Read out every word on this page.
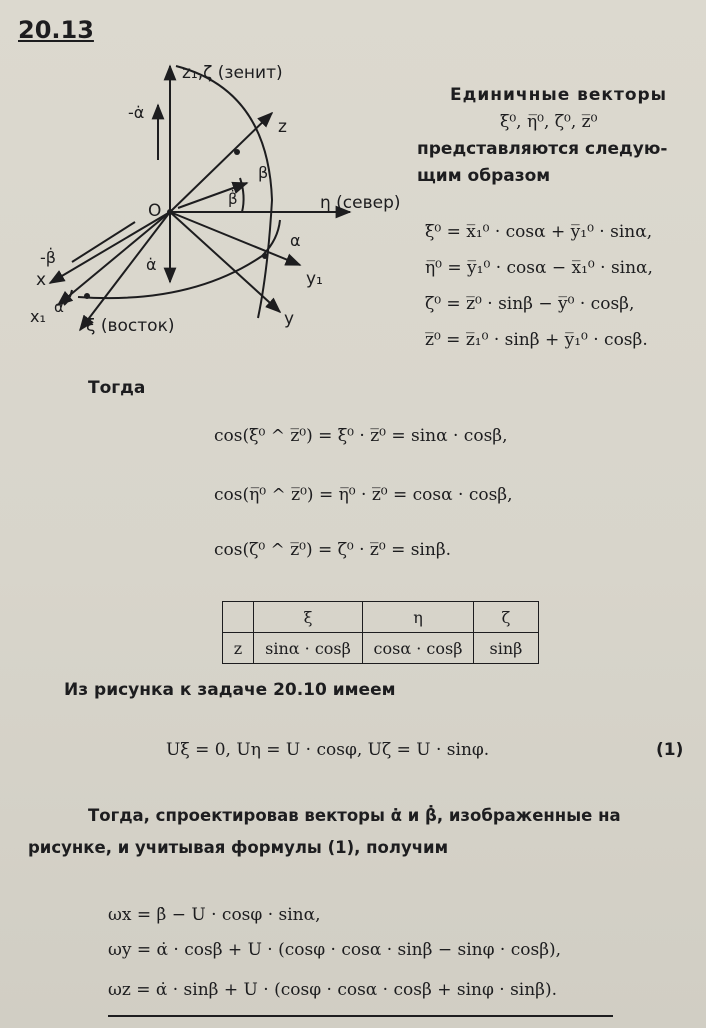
20.13
z₁,ζ (зенит)
-α̇
z
β
β̇	η (север)
O
α
-β̇	α̇
y₁
x
α
x₁	y
ξ (восток)
Единичные векторы
ξ̅⁰, η̅⁰, ζ̅⁰, z̅⁰
представляются следую-
щим образом
ξ̅⁰ = x̅₁⁰ · cosα + y̅₁⁰ · sinα,
η̅⁰ = y̅₁⁰ · cosα − x̅₁⁰ · sinα,
ζ̅⁰ = z̅⁰ · sinβ − y̅⁰ · cosβ,
z̅⁰ = z̅₁⁰ · sinβ + y̅₁⁰ · cosβ.
Тогда
cos(ξ̅⁰ ^ z̅⁰) = ξ̅⁰ · z̅⁰ = sinα · cosβ,
cos(η̅⁰ ^ z̅⁰) = η̅⁰ · z̅⁰ = cosα · cosβ,
cos(ζ̅⁰ ^ z̅⁰) = ζ̅⁰ · z̅⁰ = sinβ.
	ξ	η	ζ
z	sinα · cosβ	cosα · cosβ	sinβ
Из рисунка к задаче 20.10 имеем
Uξ = 0, Uη = U · cosφ, Uζ = U · sinφ.	(1)
Тогда, спроектировав векторы α̇ и β̇, изображенные на
рисунке, и учитывая формулы (1), получим
ωx = β̇ − U · cosφ · sinα,
ωy = α̇ · cosβ + U · (cosφ · cosα · sinβ − sinφ · cosβ),
ωz = α̇ · sinβ + U · (cosφ · cosα · cosβ + sinφ · sinβ).
